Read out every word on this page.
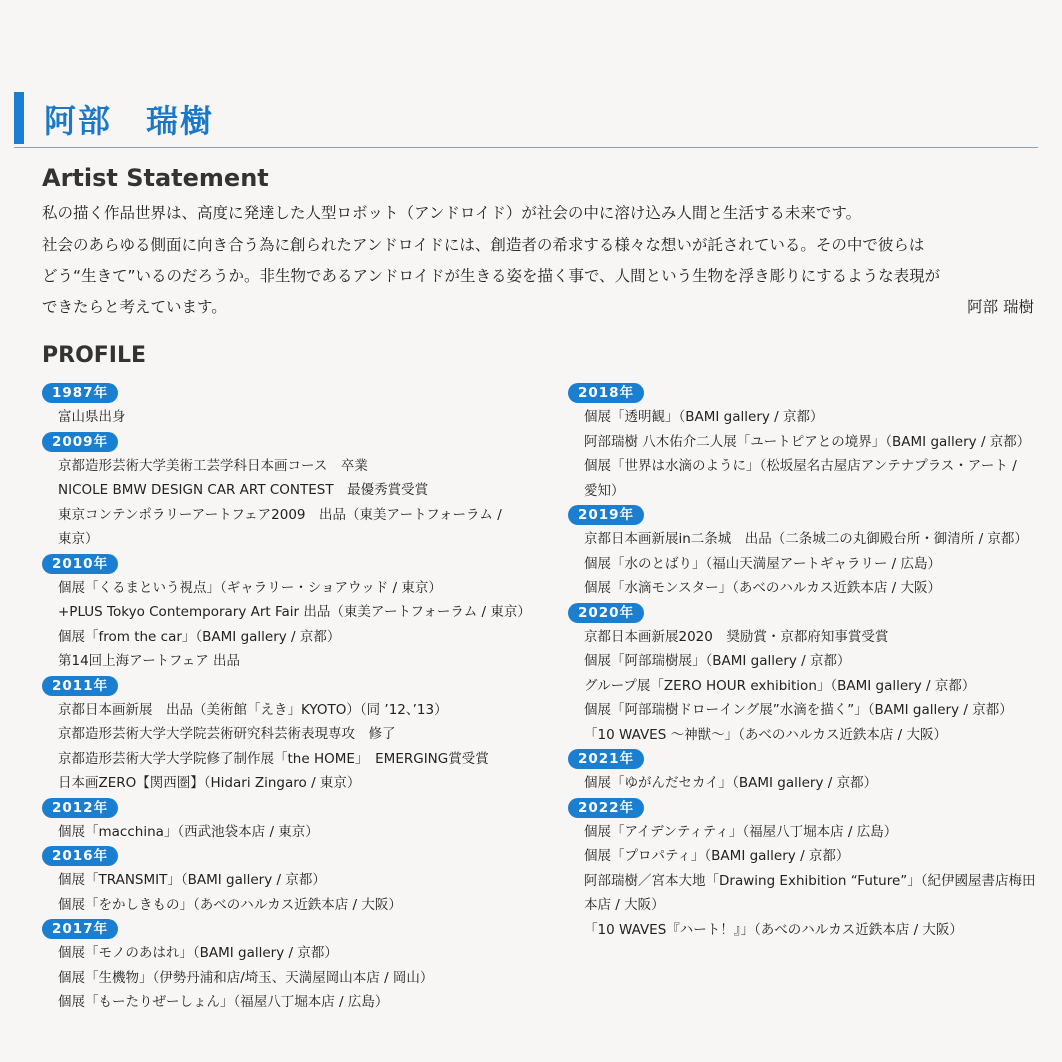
阿部　瑞樹
Artist Statement
私の描く作品世界は、高度に発達した人型ロボット（アンドロイド）が社会の中に溶け込み人間と生活する未来です。
社会のあらゆる側面に向き合う為に創られたアンドロイドには、創造者の希求する様々な想いが託されている。その中で彼らは
どう“生きて”いるのだろうか。非生物であるアンドロイドが生きる姿を描く事で、人間という生物を浮き彫りにするような表現が
できたらと考えています。	阿部 瑞樹
PROFILE
1987年
富山県出身
2009年
京都造形芸術大学美術工芸学科日本画コース　卒業
NICOLE BMW DESIGN CAR ART CONTEST　最優秀賞受賞
東京コンテンポラリーアートフェア2009　出品（東美アートフォーラム /
東京）
2010年
個展「くるまという視点」（ギャラリー・ショアウッド / 東京）
+PLUS Tokyo Contemporary Art Fair 出品（東美アートフォーラム / 東京）
個展「from the car」（BAMI gallery / 京都）
第14回上海アートフェア 出品
2011年
京都日本画新展　出品（美術館「えき」KYOTO）（同 ’12、’13）
京都造形芸術大学大学院芸術研究科芸術表現専攻　修了
京都造形芸術大学大学院修了制作展「the HOME」　EMERGING賞受賞
日本画ZERO【関西圏】（Hidari Zingaro / 東京）
2012年
個展「macchina」（西武池袋本店 / 東京）
2016年
個展「TRANSMIT」（BAMI gallery / 京都）
個展「をかしきもの」（あべのハルカス近鉄本店 / 大阪）
2017年
個展「モノのあはれ」（BAMI gallery / 京都）
個展「生機物」（伊勢丹浦和店/埼玉、天満屋岡山本店 / 岡山）
個展「もーたりぜーしょん」（福屋八丁堀本店 / 広島）
2018年
個展「透明観」（BAMI gallery / 京都）
阿部瑞樹 八木佑介二人展「ユートピアとの境界」（BAMI gallery / 京都）
個展「世界は水滴のように」（松坂屋名古屋店アンテナプラス・アート /
愛知）
2019年
京都日本画新展in二条城　出品（二条城二の丸御殿台所・御清所 / 京都）
個展「水のとばり」（福山天満屋アートギャラリー / 広島）
個展「水滴モンスター」（あべのハルカス近鉄本店 / 大阪）
2020年
京都日本画新展2020　奨励賞・京都府知事賞受賞
個展「阿部瑞樹展」（BAMI gallery / 京都）
グループ展「ZERO HOUR exhibition」（BAMI gallery / 京都）
個展「阿部瑞樹ドローイング展”水滴を描く”」（BAMI gallery / 京都）
「10 WAVES ～神獣～」（あべのハルカス近鉄本店 / 大阪）
2021年
個展「ゆがんだセカイ」（BAMI gallery / 京都）
2022年
個展「アイデンティティ」（福屋八丁堀本店 / 広島）
個展「プロパティ」（BAMI gallery / 京都）
阿部瑞樹／宮本大地「Drawing Exhibition “Future”」（紀伊國屋書店梅田
本店 / 大阪）
「10 WAVES『ハート！』」（あべのハルカス近鉄本店 / 大阪）
